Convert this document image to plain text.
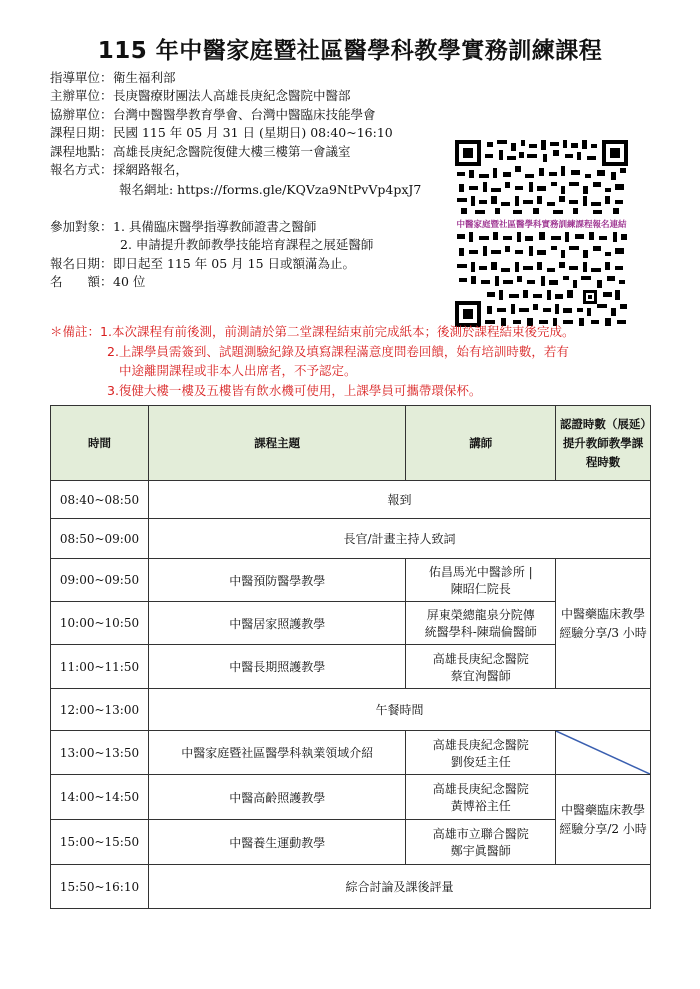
115 年中醫家庭暨社區醫學科教學實務訓練課程
指導單位： 衛生福利部
主辦單位： 長庚醫療財團法人高雄長庚紀念醫院中醫部
協辦單位： 台灣中醫醫學教育學會、台灣中醫臨床技能學會
課程日期： 民國 115 年 05 月 31 日 (星期日) 08:40~16:10
課程地點： 高雄長庚紀念醫院復健大樓三樓第一會議室
報名方式： 採網路報名，
報名網址: https://forms.gle/KQVza9NtPvVp4pxJ7
參加對象： 1. 具備臨床醫學指導教師證書之醫師
2. 申請提升教師教學技能培育課程之展延醫師
報名日期： 即日起至 115 年 05 月 15 日或額滿為止。
名　　額： 40 位
中醫家庭暨社區醫學科實務訓練課程報名連結
＊備註：1.本次課程有前後測，前測請於第二堂課程結束前完成紙本；後測於課程結束後完成。
2.上課學員需簽到、試題測驗紀錄及填寫課程滿意度問卷回饋，始有培訓時數，若有
中途離開課程或非本人出席者，不予認定。
3.復健大樓一樓及五樓皆有飲水機可使用，上課學員可攜帶環保杯。
時間	課程主題	講師	認證時數（展延）提升教師教學課程時數
08:40~08:50	報到		
08:50~09:00	長官/計畫主持人致詞		
09:00~09:50	中醫預防醫學教學	佑昌馬光中醫診所 |
陳昭仁院長	中醫藥臨床教學經驗分享/3 小時
10:00~10:50	中醫居家照護教學	屏東榮總龍泉分院傳
統醫學科-陳瑞倫醫師	

11:00~11:50	中醫長期照護教學	高雄長庚紀念醫院
蔡宜洵醫師	

12:00~13:00	午餐時間		
13:00~13:50	中醫家庭暨社區醫學科執業領域介紹	高雄長庚紀念醫院
劉俊廷主任

14:00~14:50	中醫高齡照護教學	高雄長庚紀念醫院
黃博裕主任	中醫藥臨床教學經驗分享/2 小時
15:00~15:50	中醫養生運動教學	高雄市立聯合醫院
鄭宇眞醫師	

15:50~16:10	綜合討論及課後評量		
